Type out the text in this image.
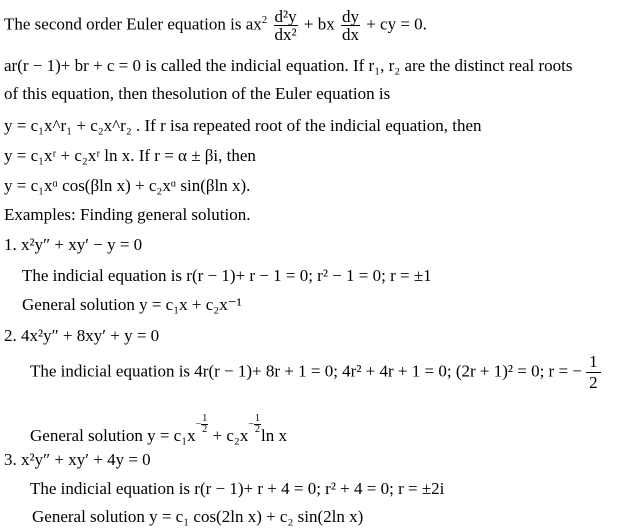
The second order Euler equation is $ax^2 \frac{\text{d²y}}{\text{dx²}}$ + bx $\frac{dy}{dx}$ + cy = 0.
ar(r − 1)+ br + c = 0 is called the indicial equation. If r₁, r₂ are the distinct real roots
of this equation, then thesolution of the Euler equation is
y = c₁x^r₁ + c₂x^r₂ . If r isa repeated root of the indicial equation, then
y = c₁xʳ + c₂xʳ ln x. If r = α ± βi, then
y = c₁xᵅ cos(βln x) + c₂xᵅ sin(βln x).
Examples: Finding general solution.
1. x²y″ + xy′ − y = 0
The indicial equation is r(r − 1)+ r − 1 = 0; r² − 1 = 0; r = ±1
General solution y = c₁x + c₂x⁻¹
2. 4x²y″ + 8xy′ + y = 0
The indicial equation is 4r(r − 1)+ 8r + 1 = 0; 4r² + 4r + 1 = 0; (2r + 1)² = 0; r = − $\frac{1}{2}$
General solution $y = c_1x- \frac{1}{2}$
+ $c_2x- \frac{1}{2}$
ln x
3. x²y″ + xy′ + 4y = 0
The indicial equation is r(r − 1)+ r + 4 = 0; r² + 4 = 0; r = ±2i
General solution y = c₁ cos(2ln x) + c₂ sin(2ln x)
